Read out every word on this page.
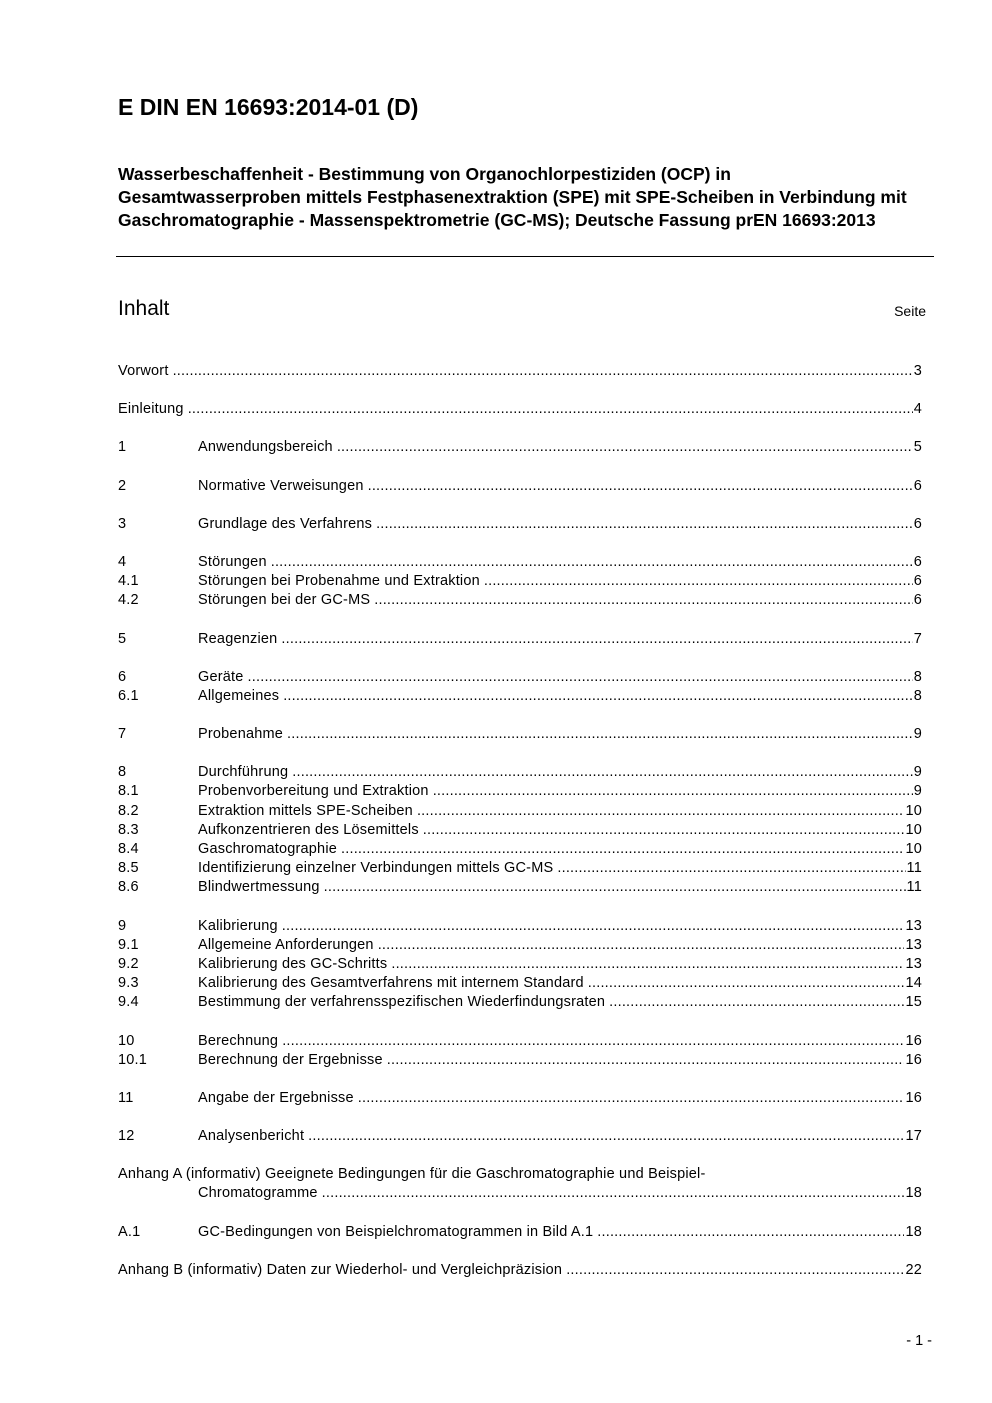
E DIN EN 16693:2014-01 (D)
Wasserbeschaffenheit - Bestimmung von Organochlorpestiziden (OCP) in Gesamtwasserproben mittels Festphasenextraktion (SPE) mit SPE-Scheiben in Verbindung mit Gaschromatographie - Massenspektrometrie (GC-MS); Deutsche Fassung prEN 16693:2013
Inhalt	Seite
Vorwort .....	3
Einleitung .....	4
1	Anwendungsbereich .....	5
2	Normative Verweisungen .....	6
3	Grundlage des Verfahrens .....	6
4	Störungen .....	6
4.1	Störungen bei Probenahme und Extraktion .....	6
4.2	Störungen bei der GC-MS .....	6
5	Reagenzien .....	7
6	Geräte .....	8
6.1	Allgemeines .....	8
7	Probenahme .....	9
8	Durchführung .....	9
8.1	Probenvorbereitung und Extraktion .....	9
8.2	Extraktion mittels SPE-Scheiben .....	10
8.3	Aufkonzentrieren des Lösemittels .....	10
8.4	Gaschromatographie .....	10
8.5	Identifizierung einzelner Verbindungen mittels GC-MS .....	11
8.6	Blindwertmessung .....	11
9	Kalibrierung .....	13
9.1	Allgemeine Anforderungen .....	13
9.2	Kalibrierung des GC-Schritts .....	13
9.3	Kalibrierung des Gesamtverfahrens mit internem Standard .....	14
9.4	Bestimmung der verfahrensspezifischen Wiederfindungsraten .....	15
10	Berechnung .....	16
10.1	Berechnung der Ergebnisse .....	16
11	Angabe der Ergebnisse .....	16
12	Analysenbericht .....	17
Anhang A (informativ) Geeignete Bedingungen für die Gaschromatographie und Beispiel-
Chromatogramme .....	18
A.1	GC-Bedingungen von Beispielchromatogrammen in Bild A.1 .....	18
Anhang B (informativ) Daten zur Wiederhol- und Vergleichpräzision .....	22
- 1 -
